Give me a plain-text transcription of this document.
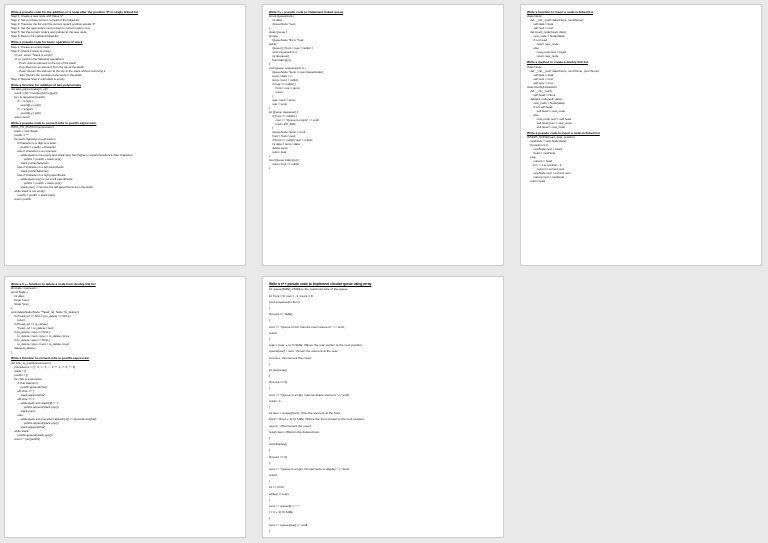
Write a pseudo code for the addition of a node after the position 'P' in singly linked list
Step 1: Create a new node with Value 'V'
Step 2: Set a pointer 'current' to head of the linked list
Step 3: Traverse the list until the current node's position equals 'P'
Step 4: Set the new node's next pointer to current node's next
Step 5: Set the current node's next pointer to the new node
Step 6: Return the updated linked list
Write a pseudo code for basic operation of stack
Step 1: Create an empty stack
Step 2: Check if stack is empty:
- If yes, return "Stack is empty"
- If no, perform the following operations:
- Push: Add an element to the top of the stack
- Pop: Remove an element from the top of the stack
- Peek: Return the element at the top of the stack without removing it
- Size: Return the number of elements in the stack
Step 3: Repeat Step 2 until stack is empty
Write a function for addition of two polynomials
def add_polynomials(p1, p2):
result = [0] * max(len(p1), len(p2))
for i in range(len(result)):
if i < len(p1):
result[i] += p1[i]
if i < len(p2):
result[i] += p2[i]
return result
Write a pseudo code to convert infix to postfix expression
INFIX_TO_POSTFIX(expression)
stack = new Stack
postfix = ""
for each character in expression:
if character is a digit or a letter:
postfix = postfix + character
else if character is an operator:
while stack is not empty and stack.top() has higher or equal precedence than character
postfix = postfix + stack.pop()
stack.push(character)
else if character is a left parenthesis:
stack.push(character)
else if character is a right parenthesis:
while stack.top() is not a left parenthesis:
postfix = postfix + stack.pop()
stack.pop()  // remove the left parenthesis from the stack
while stack is not empty:
postfix = postfix + stack.pop()
return postfix
Write C++ pseudo code to implement linked queue
struct QueueNode {
int data;
QueueNode *next;
};
class Queue {
private:
QueueNode *front, *rear;
public:
Queue() { front = rear = nullptr; }
void enqueue(int x);
int dequeue();
bool isEmpty();
};
void Queue::enqueue(int x) {
QueueNode *temp = new QueueNode();
temp->data = x;
temp->next = nullptr;
if (rear == nullptr) {
front = rear = temp;
return;
}
rear->next = temp;
rear = temp;
}
int Queue::dequeue() {
if (front == nullptr) {
cout << "Queue is empty" << endl;
return INT_MIN;
}
QueueNode *temp = front;
front = front->next;
if (front == nullptr) rear = nullptr;
int data = temp->data;
delete temp;
return data;
}
bool Queue::isEmpty() {
return front == nullptr;
}
Write a function to insert a node in linked list
class Node:
def __init__(self, data=None, next=None):
self.data = data
self.next = next
def insert_node(head, data):
new_node = Node(data)
if not head:
return new_node
else:
new_node.next = head
return new_node
Write a method to create a doubly link list
class Node:
def __init__(self, data=None, next=None, prev=None):
self.data = data
self.next = next
self.prev = prev
class DoublyLinkedList:
def __init__(self):
self.head = None
def add_node(self, data):
new_node = Node(data)
if not self.head:
self.head = new_node
else:
new_node.next = self.head
self.head.prev = new_node
self.head = new_node
Write a pseudo code to insert a node in linked list
INSERT_NODE(head, data, position)
newNode = new Node(data)
if position is 0:
newNode.next = head
head = newNode
else:
current = head
for i = 1 to position - 1:
current = current.next
newNode.next = current.next
current.next = newNode
return head
Write a C++ function to delete a node from doubly link list
#include <iostream>
struct Node {
int data;
Node *next;
Node *prev;
};
void deleteNode(Node **head_ref, Node *to_delete) {
if (*head_ref == NULL || to_delete == NULL)
return;
if (*head_ref == to_delete)
*head_ref = to_delete->next;
if (to_delete->next != NULL)
to_delete->next->prev = to_delete->prev;
if (to_delete->prev != NULL)
to_delete->prev->next = to_delete->next;
delete to_delete;
}
Write a function to convert infix to postfix expression
def infix_to_postfix(expression):
precedence = {'(': 0, '+': 1, '-': 1, '*': 2, '/': 2, '^': 3}
stack = []
postfix = []
for char in expression:
if char.isalnum():
postfix.append(char)
elif char == '(':
stack.append(char)
elif char == ')':
while stack and stack[-1] != '(':
postfix.append(stack.pop())
stack.pop()
else:
while stack and precedence[stack[-1]] >= precedence[char]:
postfix.append(stack.pop())
stack.append(char)
while stack:
postfix.append(stack.pop())
return "".join(postfix)
Write a c++ pseudo code to implement circular queue using array
int queue[SIZE]; //SIZE is the maximum size of the queue
int front = 0, rear = -1, count = 0;
void enqueue(int item)
{
if(count == SIZE)
{
cout << "Queue is full. Cannot insert element." << endl;
return;
}
rear = (rear + 1) % SIZE; //Move the rear pointer to the next position
queue[rear] = item; //Insert the element at the rear
count++; //Increment the count
}
int dequeue()
{
if(count == 0)
{
cout << "Queue is empty. Cannot delete element." << endl;
return -1;
}
int item = queue[front]; //Get the element at the front
front = (front + 1) % SIZE; //Move the front pointer to the next position
count--; //Decrement the count
return item; //Return the deleted item
}
void display()
{
if(count == 0)
{
cout << "Queue is empty. No elements to display." << endl;
return;
}
int i = front;
while(i != rear)
{
cout << queue[i] << " ";
i = (i + 1) % SIZE;
}
cout << queue[rear] << endl;
}
